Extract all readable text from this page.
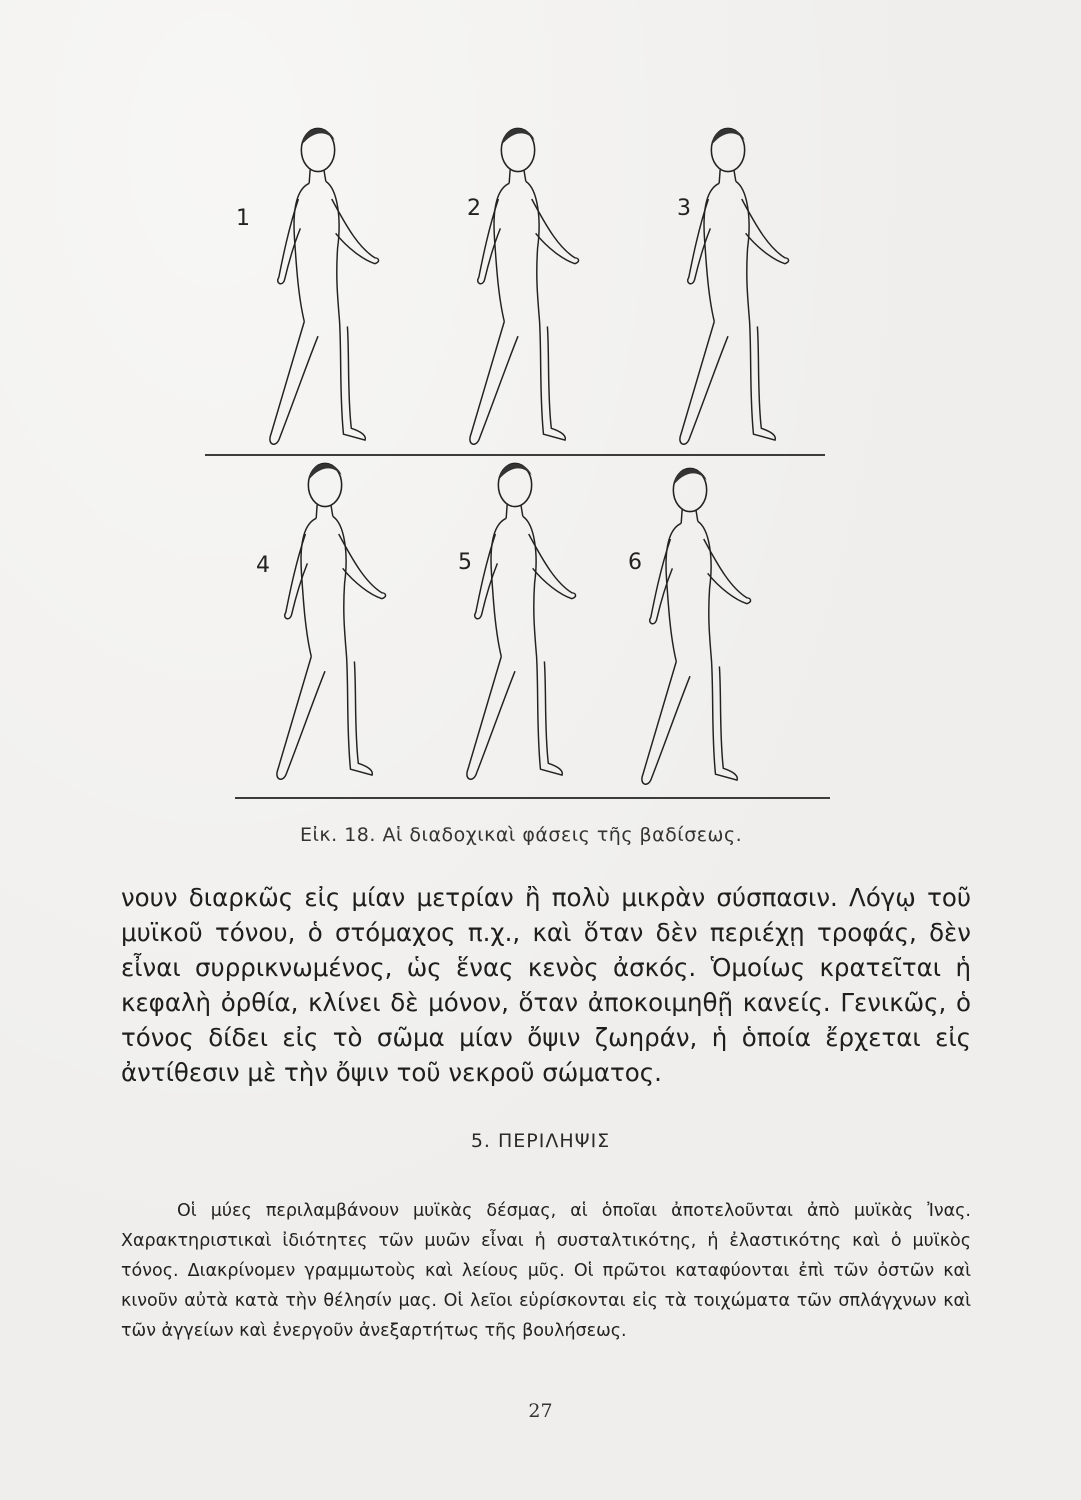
1	2	3
4	5	6
Εἰκ. 18. Αἱ διαδοχικαὶ φάσεις τῆς βαδίσεως.

νουν διαρκῶς εἰς μίαν μετρίαν ἢ πολὺ μικρὰν σύσπασιν. Λόγῳ τοῦ μυϊκοῦ τόνου, ὁ στόμαχος π.χ., καὶ ὅταν δὲν περιέχῃ τροφάς, δὲν εἶναι συρρικνωμένος, ὡς ἕνας κενὸς ἀσκός. Ὁμοίως κρατεῖται ἡ κεφαλὴ ὀρθία, κλίνει δὲ μόνον, ὅταν ἀποκοιμηθῇ κανείς. Γενικῶς, ὁ τόνος δίδει εἰς τὸ σῶμα μίαν ὄψιν ζωηράν, ἡ ὁποία ἔρχεται εἰς ἀντίθεσιν μὲ τὴν ὄψιν τοῦ νεκροῦ σώματος.

5. ΠΕΡΙΛΗΨΙΣ

Οἱ μύες περιλαμβάνουν μυϊκὰς δέσμας, αἱ ὁποῖαι ἀποτελοῦνται ἀπὸ μυϊκὰς Ἰνας. Χαρακτηριστικαὶ ἰδιότητες τῶν μυῶν εἶναι ἡ συσταλτικότης, ἡ ἐλαστικότης καὶ ὁ μυϊκὸς τόνος. Διακρίνομεν γραμμωτοὺς καὶ λείους μῦς. Οἱ πρῶτοι καταφύονται ἐπὶ τῶν ὀστῶν καὶ κινοῦν αὐτὰ κατὰ τὴν θέλησίν μας. Οἱ λεῖοι εὑρίσκονται εἰς τὰ τοιχώματα τῶν σπλάγχνων καὶ τῶν ἀγγείων καὶ ἐνεργοῦν ἀνεξαρτήτως τῆς βουλήσεως.

27
